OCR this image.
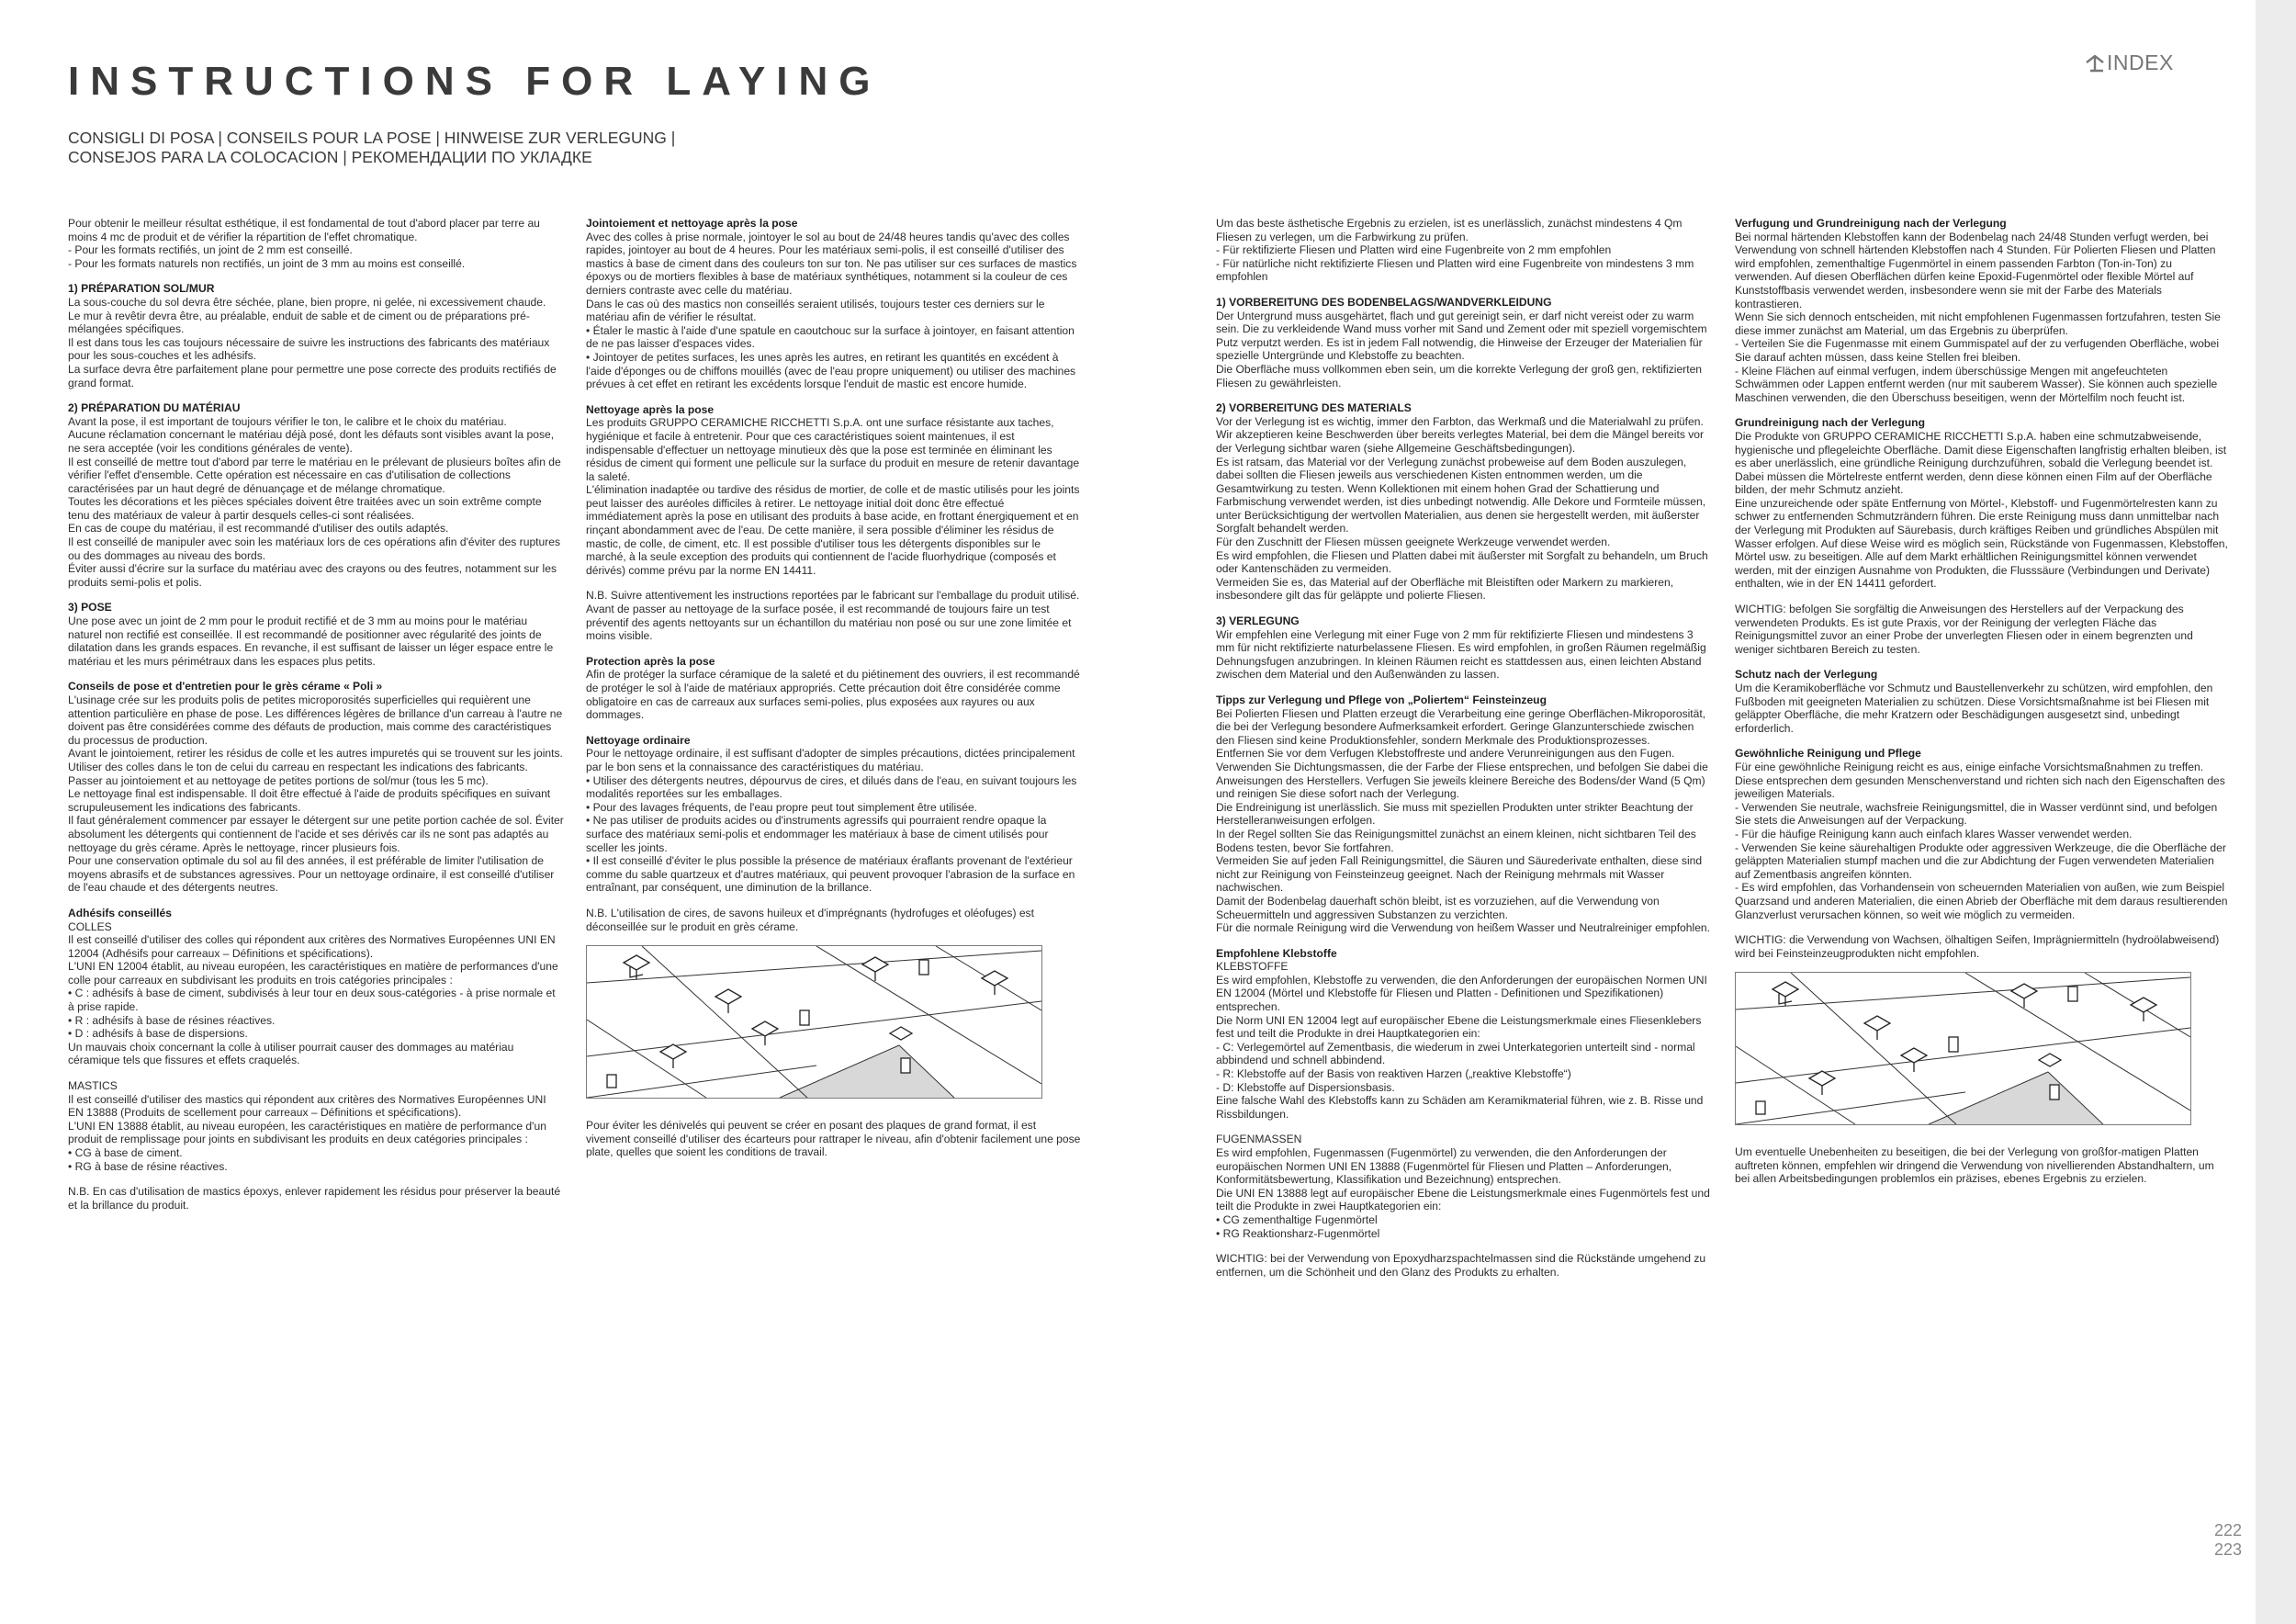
INSTRUCTIONS FOR LAYING
CONSIGLI DI POSA | CONSEILS POUR LA POSE | HINWEISE ZUR VERLEGUNG |
CONSEJOS PARA LA COLOCACION | РЕКОМЕНДАЦИИ ПО УКЛАДКЕ
INDEX
222
223

Pour obtenir le meilleur résultat esthétique, il est fondamental de tout d'abord placer par terre au moins 4 mc de produit et de vérifier la répartition de l'effet chromatique.
- Pour les formats rectifiés, un joint de 2 mm est conseillé.
- Pour les formats naturels non rectifiés, un joint de 3 mm au moins est conseillé.

1) PRÉPARATION SOL/MUR

La sous-couche du sol devra être séchée, plane, bien propre, ni gelée, ni excessivement chaude.
Le mur à revêtir devra être, au préalable, enduit de sable et de ciment ou de préparations pré-mélangées spécifiques.
Il est dans tous les cas toujours nécessaire de suivre les instructions des fabricants des matériaux pour les sous-couches et les adhésifs.
La surface devra être parfaitement plane pour permettre une pose correcte des produits rectifiés de grand format.

2) PRÉPARATION DU MATÉRIAU

Avant la pose, il est important de toujours vérifier le ton, le calibre et le choix du matériau.
Aucune réclamation concernant le matériau déjà posé, dont les défauts sont visibles avant la pose, ne sera acceptée (voir les conditions générales de vente).
Il est conseillé de mettre tout d'abord par terre le matériau en le prélevant de plusieurs boîtes afin de vérifier l'effet d'ensemble. Cette opération est nécessaire en cas d'utilisation de collections caractérisées par un haut degré de dénuançage et de mélange chromatique.
Toutes les décorations et les pièces spéciales doivent être traitées avec un soin extrême compte tenu des matériaux de valeur à partir desquels celles-ci sont réalisées.
En cas de coupe du matériau, il est recommandé d'utiliser des outils adaptés.
Il est conseillé de manipuler avec soin les matériaux lors de ces opérations afin d'éviter des ruptures ou des dommages au niveau des bords.
Éviter aussi d'écrire sur la surface du matériau avec des crayons ou des feutres, notamment sur les produits semi-polis et polis.

3) POSE

Une pose avec un joint de 2 mm pour le produit rectifié et de 3 mm au moins pour le matériau naturel non rectifié est conseillée. Il est recommandé de positionner avec régularité des joints de dilatation dans les grands espaces. En revanche, il est suffisant de laisser un léger espace entre le matériau et les murs périmétraux dans les espaces plus petits.

Conseils de pose et d'entretien pour le grès cérame « Poli »

L'usinage crée sur les produits polis de petites microporosités superficielles qui requièrent une attention particulière en phase de pose. Les différences légères de brillance d'un carreau à l'autre ne doivent pas être considérées comme des défauts de production, mais comme des caractéristiques du processus de production.
Avant le jointoiement, retirer les résidus de colle et les autres impuretés qui se trouvent sur les joints. Utiliser des colles dans le ton de celui du carreau en respectant les indications des fabricants. Passer au jointoiement et au nettoyage de petites portions de sol/mur (tous les 5 mc).
Le nettoyage final est indispensable. Il doit être effectué à l'aide de produits spécifiques en suivant scrupuleusement les indications des fabricants.
Il faut généralement commencer par essayer le détergent sur une petite portion cachée de sol. Éviter absolument les détergents qui contiennent de l'acide et ses dérivés car ils ne sont pas adaptés au nettoyage du grès cérame. Après le nettoyage, rincer plusieurs fois.
Pour une conservation optimale du sol au fil des années, il est préférable de limiter l'utilisation de moyens abrasifs et de substances agressives. Pour un nettoyage ordinaire, il est conseillé d'utiliser de l'eau chaude et des détergents neutres.

Adhésifs conseillés

COLLES
Il est conseillé d'utiliser des colles qui répondent aux critères des Normatives Européennes UNI EN 12004 (Adhésifs pour carreaux – Définitions et spécifications).
L'UNI EN 12004 établit, au niveau européen, les caractéristiques en matière de performances d'une colle pour carreaux en subdivisant les produits en trois catégories principales :
• C : adhésifs à base de ciment, subdivisés à leur tour en deux sous-catégories - à prise normale et à prise rapide.
• R : adhésifs à base de résines réactives.
• D : adhésifs à base de dispersions.
Un mauvais choix concernant la colle à utiliser pourrait causer des dommages au matériau céramique tels que fissures et effets craquelés.

MASTICS
Il est conseillé d'utiliser des mastics qui répondent aux critères des Normatives Européennes UNI EN 13888 (Produits de scellement pour carreaux – Définitions et spécifications).
L'UNI EN 13888 établit, au niveau européen, les caractéristiques en matière de performance d'un produit de remplissage pour joints en subdivisant les produits en deux catégories principales :
• CG à base de ciment.
• RG à base de résine réactives.

N.B. En cas d'utilisation de mastics époxys, enlever rapidement les résidus pour préserver la beauté et la brillance du produit.

Jointoiement et nettoyage après la pose

Avec des colles à prise normale, jointoyer le sol au bout de 24/48 heures tandis qu'avec des colles rapides, jointoyer au bout de 4 heures. Pour les matériaux semi-polis, il est conseillé d'utiliser des mastics à base de ciment dans des couleurs ton sur ton. Ne pas utiliser sur ces surfaces de mastics époxys ou de mortiers flexibles à base de matériaux synthétiques, notamment si la couleur de ces derniers contraste avec celle du matériau.
Dans le cas où des mastics non conseillés seraient utilisés, toujours tester ces derniers sur le matériau afin de vérifier le résultat.
• Étaler le mastic à l'aide d'une spatule en caoutchouc sur la surface à jointoyer, en faisant attention de ne pas laisser d'espaces vides.
• Jointoyer de petites surfaces, les unes après les autres, en retirant les quantités en excédent à l'aide d'éponges ou de chiffons mouillés (avec de l'eau propre uniquement) ou utiliser des machines prévues à cet effet en retirant les excédents lorsque l'enduit de mastic est encore humide.

Nettoyage après la pose

Les produits GRUPPO CERAMICHE RICCHETTI S.p.A. ont une surface résistante aux taches, hygiénique et facile à entretenir. Pour que ces caractéristiques soient maintenues, il est indispensable d'effectuer un nettoyage minutieux dès que la pose est terminée en éliminant les résidus de ciment qui forment une pellicule sur la surface du produit en mesure de retenir davantage la saleté.
L'élimination inadaptée ou tardive des résidus de mortier, de colle et de mastic utilisés pour les joints peut laisser des auréoles difficiles à retirer. Le nettoyage initial doit donc être effectué immédiatement après la pose en utilisant des produits à base acide, en frottant énergiquement et en rinçant abondamment avec de l'eau. De cette manière, il sera possible d'éliminer les résidus de mastic, de colle, de ciment, etc. Il est possible d'utiliser tous les détergents disponibles sur le marché, à la seule exception des produits qui contiennent de l'acide fluorhydrique (composés et dérivés) comme prévu par la norme EN 14411.

N.B. Suivre attentivement les instructions reportées par le fabricant sur l'emballage du produit utilisé. Avant de passer au nettoyage de la surface posée, il est recommandé de toujours faire un test préventif des agents nettoyants sur un échantillon du matériau non posé ou sur une zone limitée et moins visible.

Protection après la pose

Afin de protéger la surface céramique de la saleté et du piétinement des ouvriers, il est recommandé de protéger le sol à l'aide de matériaux appropriés. Cette précaution doit être considérée comme obligatoire en cas de carreaux aux surfaces semi-polies, plus exposées aux rayures ou aux dommages.

Nettoyage ordinaire

Pour le nettoyage ordinaire, il est suffisant d'adopter de simples précautions, dictées principalement par le bon sens et la connaissance des caractéristiques du matériau.
• Utiliser des détergents neutres, dépourvus de cires, et dilués dans de l'eau, en suivant toujours les modalités reportées sur les emballages.
• Pour des lavages fréquents, de l'eau propre peut tout simplement être utilisée.
• Ne pas utiliser de produits acides ou d'instruments agressifs qui pourraient rendre opaque la surface des matériaux semi-polis et endommager les matériaux à base de ciment utilisés pour sceller les joints.
• Il est conseillé d'éviter le plus possible la présence de matériaux éraflants provenant de l'extérieur comme du sable quartzeux et d'autres matériaux, qui peuvent provoquer l'abrasion de la surface en entraînant, par conséquent, une diminution de la brillance.

N.B. L'utilisation de cires, de savons huileux et d'imprégnants (hydrofuges et oléofuges) est déconseillée sur le produit en grès cérame.

Pour éviter les dénivelés qui peuvent se créer en posant des plaques de grand format, il est vivement conseillé d'utiliser des écarteurs pour rattraper le niveau, afin d'obtenir facilement une pose plate, quelles que soient les conditions de travail.

Um das beste ästhetische Ergebnis zu erzielen, ist es unerlässlich, zunächst mindestens 4 Qm Fliesen zu verlegen, um die Farbwirkung zu prüfen.
- Für rektifizierte Fliesen und Platten wird eine Fugenbreite von 2 mm empfohlen
- Für natürliche nicht rektifizierte Fliesen und Platten wird eine Fugenbreite von mindestens 3 mm empfohlen

1) VORBEREITUNG DES BODENBELAGS/WANDVERKLEIDUNG

Der Untergrund muss ausgehärtet, flach und gut gereinigt sein, er darf nicht vereist oder zu warm sein. Die zu verkleidende Wand muss vorher mit Sand und Zement oder mit speziell vorgemischtem Putz verputzt werden. Es ist in jedem Fall notwendig, die Hinweise der Erzeuger der Materialien für spezielle Untergründe und Klebstoffe zu beachten.
Die Oberfläche muss vollkommen eben sein, um die korrekte Verlegung der groß gen, rektifizierten Fliesen zu gewährleisten.

2) VORBEREITUNG DES MATERIALS

Vor der Verlegung ist es wichtig, immer den Farbton, das Werkmaß und die Materialwahl zu prüfen. Wir akzeptieren keine Beschwerden über bereits verlegtes Material, bei dem die Mängel bereits vor der Verlegung sichtbar waren (siehe Allgemeine Geschäftsbedingungen).
Es ist ratsam, das Material vor der Verlegung zunächst probeweise auf dem Boden auszulegen, dabei sollten die Fliesen jeweils aus verschiedenen Kisten entnommen werden, um die Gesamtwirkung zu testen. Wenn Kollektionen mit einem hohen Grad der Schattierung und Farbmischung verwendet werden, ist dies unbedingt notwendig. Alle Dekore und Formteile müssen, unter Berücksichtigung der wertvollen Materialien, aus denen sie hergestellt werden, mit äußerster Sorgfalt behandelt werden.
Für den Zuschnitt der Fliesen müssen geeignete Werkzeuge verwendet werden.
Es wird empfohlen, die Fliesen und Platten dabei mit äußerster mit Sorgfalt zu behandeln, um Bruch oder Kantenschäden zu vermeiden.
Vermeiden Sie es, das Material auf der Oberfläche mit Bleistiften oder Markern zu markieren, insbesondere gilt das für geläppte und polierte Fliesen.

3) VERLEGUNG

Wir empfehlen eine Verlegung mit einer Fuge von 2 mm für rektifizierte Fliesen und mindestens 3 mm für nicht rektifizierte naturbelassene Fliesen. Es wird empfohlen, in großen Räumen regelmäßig Dehnungsfugen anzubringen. In kleinen Räumen reicht es stattdessen aus, einen leichten Abstand zwischen dem Material und den Außenwänden zu lassen.

Tipps zur Verlegung und Pflege von „Poliertem“ Feinsteinzeug

Bei Polierten Fliesen und Platten erzeugt die Verarbeitung eine geringe Oberflächen-Mikroporosität, die bei der Verlegung besondere Aufmerksamkeit erfordert. Geringe Glanzunterschiede zwischen den Fliesen sind keine Produktionsfehler, sondern Merkmale des Produktionsprozesses.
Entfernen Sie vor dem Verfugen Klebstoffreste und andere Verunreinigungen aus den Fugen. Verwenden Sie Dichtungsmassen, die der Farbe der Fliese entsprechen, und befolgen Sie dabei die Anweisungen des Herstellers. Verfugen Sie jeweils kleinere Bereiche des Bodens/der Wand (5 Qm) und reinigen Sie diese sofort nach der Verlegung.
Die Endreinigung ist unerlässlich. Sie muss mit speziellen Produkten unter strikter Beachtung der Herstelleranweisungen erfolgen.
In der Regel sollten Sie das Reinigungsmittel zunächst an einem kleinen, nicht sichtbaren Teil des Bodens testen, bevor Sie fortfahren.
Vermeiden Sie auf jeden Fall Reinigungsmittel, die Säuren und Säurederivate enthalten, diese sind nicht zur Reinigung von Feinsteinzeug geeignet. Nach der Reinigung mehrmals mit Wasser nachwischen.
Damit der Bodenbelag dauerhaft schön bleibt, ist es vorzuziehen, auf die Verwendung von Scheuermitteln und aggressiven Substanzen zu verzichten.
Für die normale Reinigung wird die Verwendung von heißem Wasser und Neutralreiniger empfohlen.

Empfohlene Klebstoffe

KLEBSTOFFE
Es wird empfohlen, Klebstoffe zu verwenden, die den Anforderungen der europäischen Normen UNI EN 12004 (Mörtel und Klebstoffe für Fliesen und Platten - Definitionen und Spezifikationen) entsprechen.
Die Norm UNI EN 12004 legt auf europäischer Ebene die Leistungsmerkmale eines Fliesenklebers fest und teilt die Produkte in drei Hauptkategorien ein:
- C: Verlegemörtel auf Zementbasis, die wiederum in zwei Unterkategorien unterteilt sind - normal abbindend und schnell abbindend.
- R: Klebstoffe auf der Basis von reaktiven Harzen („reaktive Klebstoffe“)
- D: Klebstoffe auf Dispersionsbasis.
Eine falsche Wahl des Klebstoffs kann zu Schäden am Keramikmaterial führen, wie z. B. Risse und Rissbildungen.

FUGENMASSEN
Es wird empfohlen, Fugenmassen (Fugenmörtel) zu verwenden, die den Anforderungen der europäischen Normen UNI EN 13888 (Fugenmörtel für Fliesen und Platten – Anforderungen, Konformitätsbewertung, Klassifikation und Bezeichnung) entsprechen.
Die UNI EN 13888 legt auf europäischer Ebene die Leistungsmerkmale eines Fugenmörtels fest und teilt die Produkte in zwei Hauptkategorien ein:
• CG zementhaltige Fugenmörtel
• RG Reaktionsharz-Fugenmörtel

WICHTIG: bei der Verwendung von Epoxydharzspachtelmassen sind die Rückstände umgehend zu entfernen, um die Schönheit und den Glanz des Produkts zu erhalten.

Verfugung und Grundreinigung nach der Verlegung

Bei normal härtenden Klebstoffen kann der Bodenbelag nach 24/48 Stunden verfugt werden, bei Verwendung von schnell härtenden Klebstoffen nach 4 Stunden. Für Polierten Fliesen und Platten wird empfohlen, zementhaltige Fugenmörtel in einem passenden Farbton (Ton-in-Ton) zu verwenden. Auf diesen Oberflächen dürfen keine Epoxid-Fugenmörtel oder flexible Mörtel auf Kunststoffbasis verwendet werden, insbesondere wenn sie mit der Farbe des Materials kontrastieren.
Wenn Sie sich dennoch entscheiden, mit nicht empfohlenen Fugenmassen fortzufahren, testen Sie diese immer zunächst am Material, um das Ergebnis zu überprüfen.
- Verteilen Sie die Fugenmasse mit einem Gummispatel auf der zu verfugenden Oberfläche, wobei Sie darauf achten müssen, dass keine Stellen frei bleiben.
- Kleine Flächen auf einmal verfugen, indem überschüssige Mengen mit angefeuchteten Schwämmen oder Lappen entfernt werden (nur mit sauberem Wasser). Sie können auch spezielle Maschinen verwenden, die den Überschuss beseitigen, wenn der Mörtelfilm noch feucht ist.

Grundreinigung nach der Verlegung

Die Produkte von GRUPPO CERAMICHE RICCHETTI S.p.A. haben eine schmutzabweisende, hygienische und pflegeleichte Oberfläche. Damit diese Eigenschaften langfristig erhalten bleiben, ist es aber unerlässlich, eine gründliche Reinigung durchzuführen, sobald die Verlegung beendet ist. Dabei müssen die Mörtelreste entfernt werden, denn diese können einen Film auf der Oberfläche bilden, der mehr Schmutz anzieht.
Eine unzureichende oder späte Entfernung von Mörtel-, Klebstoff- und Fugenmörtelresten kann zu schwer zu entfernenden Schmutzrändern führen. Die erste Reinigung muss dann unmittelbar nach der Verlegung mit Produkten auf Säurebasis, durch kräftiges Reiben und gründliches Abspülen mit Wasser erfolgen. Auf diese Weise wird es möglich sein, Rückstände von Fugenmassen, Klebstoffen, Mörtel usw. zu beseitigen. Alle auf dem Markt erhältlichen Reinigungsmittel können verwendet werden, mit der einzigen Ausnahme von Produkten, die Flusssäure (Verbindungen und Derivate) enthalten, wie in der EN 14411 gefordert.

WICHTIG: befolgen Sie sorgfältig die Anweisungen des Herstellers auf der Verpackung des verwendeten Produkts. Es ist gute Praxis, vor der Reinigung der verlegten Fläche das Reinigungsmittel zuvor an einer Probe der unverlegten Fliesen oder in einem begrenzten und weniger sichtbaren Bereich zu testen.

Schutz nach der Verlegung

Um die Keramikoberfläche vor Schmutz und Baustellenverkehr zu schützen, wird empfohlen, den Fußboden mit geeigneten Materialien zu schützen. Diese Vorsichtsmaßnahme ist bei Fliesen mit geläppter Oberfläche, die mehr Kratzern oder Beschädigungen ausgesetzt sind, unbedingt erforderlich.

Gewöhnliche Reinigung und Pflege

Für eine gewöhnliche Reinigung reicht es aus, einige einfache Vorsichtsmaßnahmen zu treffen. Diese entsprechen dem gesunden Menschenverstand und richten sich nach den Eigenschaften des jeweiligen Materials.
- Verwenden Sie neutrale, wachsfreie Reinigungsmittel, die in Wasser verdünnt sind, und befolgen Sie stets die Anweisungen auf der Verpackung.
- Für die häufige Reinigung kann auch einfach klares Wasser verwendet werden.
- Verwenden Sie keine säurehaltigen Produkte oder aggressiven Werkzeuge, die die Oberfläche der geläppten Materialien stumpf machen und die zur Abdichtung der Fugen verwendeten Materialien auf Zementbasis angreifen könnten.
- Es wird empfohlen, das Vorhandensein von scheuernden Materialien von außen, wie zum Beispiel Quarzsand und anderen Materialien, die einen Abrieb der Oberfläche mit dem daraus resultierenden Glanzverlust verursachen können, so weit wie möglich zu vermeiden.

WICHTIG: die Verwendung von Wachsen, ölhaltigen Seifen, Imprägniermitteln (hydroölabweisend) wird bei Feinsteinzeugprodukten nicht empfohlen.

Um eventuelle Unebenheiten zu beseitigen, die bei der Verlegung von großfor-matigen Platten auftreten können, empfehlen wir dringend die Verwendung von nivellierenden Abstandhaltern, um bei allen Arbeitsbedingungen problemlos ein präzises, ebenes Ergebnis zu erzielen.
